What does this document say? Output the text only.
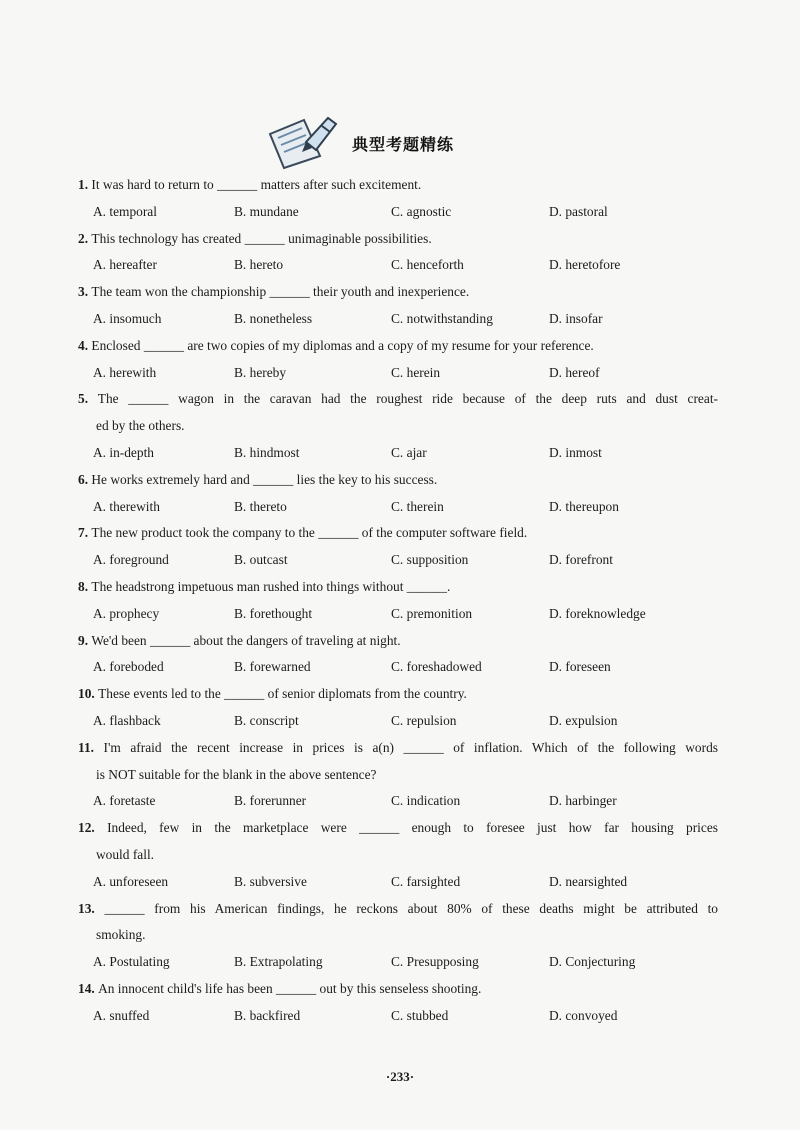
典型考题精练
1. It was hard to return to ______ matters after such excitement.
A. temporal	B. mundane	C. agnostic	D. pastoral
2. This technology has created ______ unimaginable possibilities.
A. hereafter	B. hereto	C. henceforth	D. heretofore
3. The team won the championship ______ their youth and inexperience.
A. insomuch	B. nonetheless	C. notwithstanding	D. insofar
4. Enclosed ______ are two copies of my diplomas and a copy of my resume for your reference.
A. herewith	B. hereby	C. herein	D. hereof
5. The ______ wagon in the caravan had the roughest ride because of the deep ruts and dust creat-
ed by the others.
A. in-depth	B. hindmost	C. ajar	D. inmost
6. He works extremely hard and ______ lies the key to his success.
A. therewith	B. thereto	C. therein	D. thereupon
7. The new product took the company to the ______ of the computer software field.
A. foreground	B. outcast	C. supposition	D. forefront
8. The headstrong impetuous man rushed into things without ______.
A. prophecy	B. forethought	C. premonition	D. foreknowledge
9. We'd been ______ about the dangers of traveling at night.
A. foreboded	B. forewarned	C. foreshadowed	D. foreseen
10. These events led to the ______ of senior diplomats from the country.
A. flashback	B. conscript	C. repulsion	D. expulsion
11. I'm afraid the recent increase in prices is a(n) ______ of inflation. Which of the following words
is NOT suitable for the blank in the above sentence?
A. foretaste	B. forerunner	C. indication	D. harbinger
12. Indeed, few in the marketplace were ______ enough to foresee just how far housing prices
would fall.
A. unforeseen	B. subversive	C. farsighted	D. nearsighted
13. ______ from his American findings, he reckons about 80% of these deaths might be attributed to
smoking.
A. Postulating	B. Extrapolating	C. Presupposing	D. Conjecturing
14. An innocent child's life has been ______ out by this senseless shooting.
A. snuffed	B. backfired	C. stubbed	D. convoyed
·233·
